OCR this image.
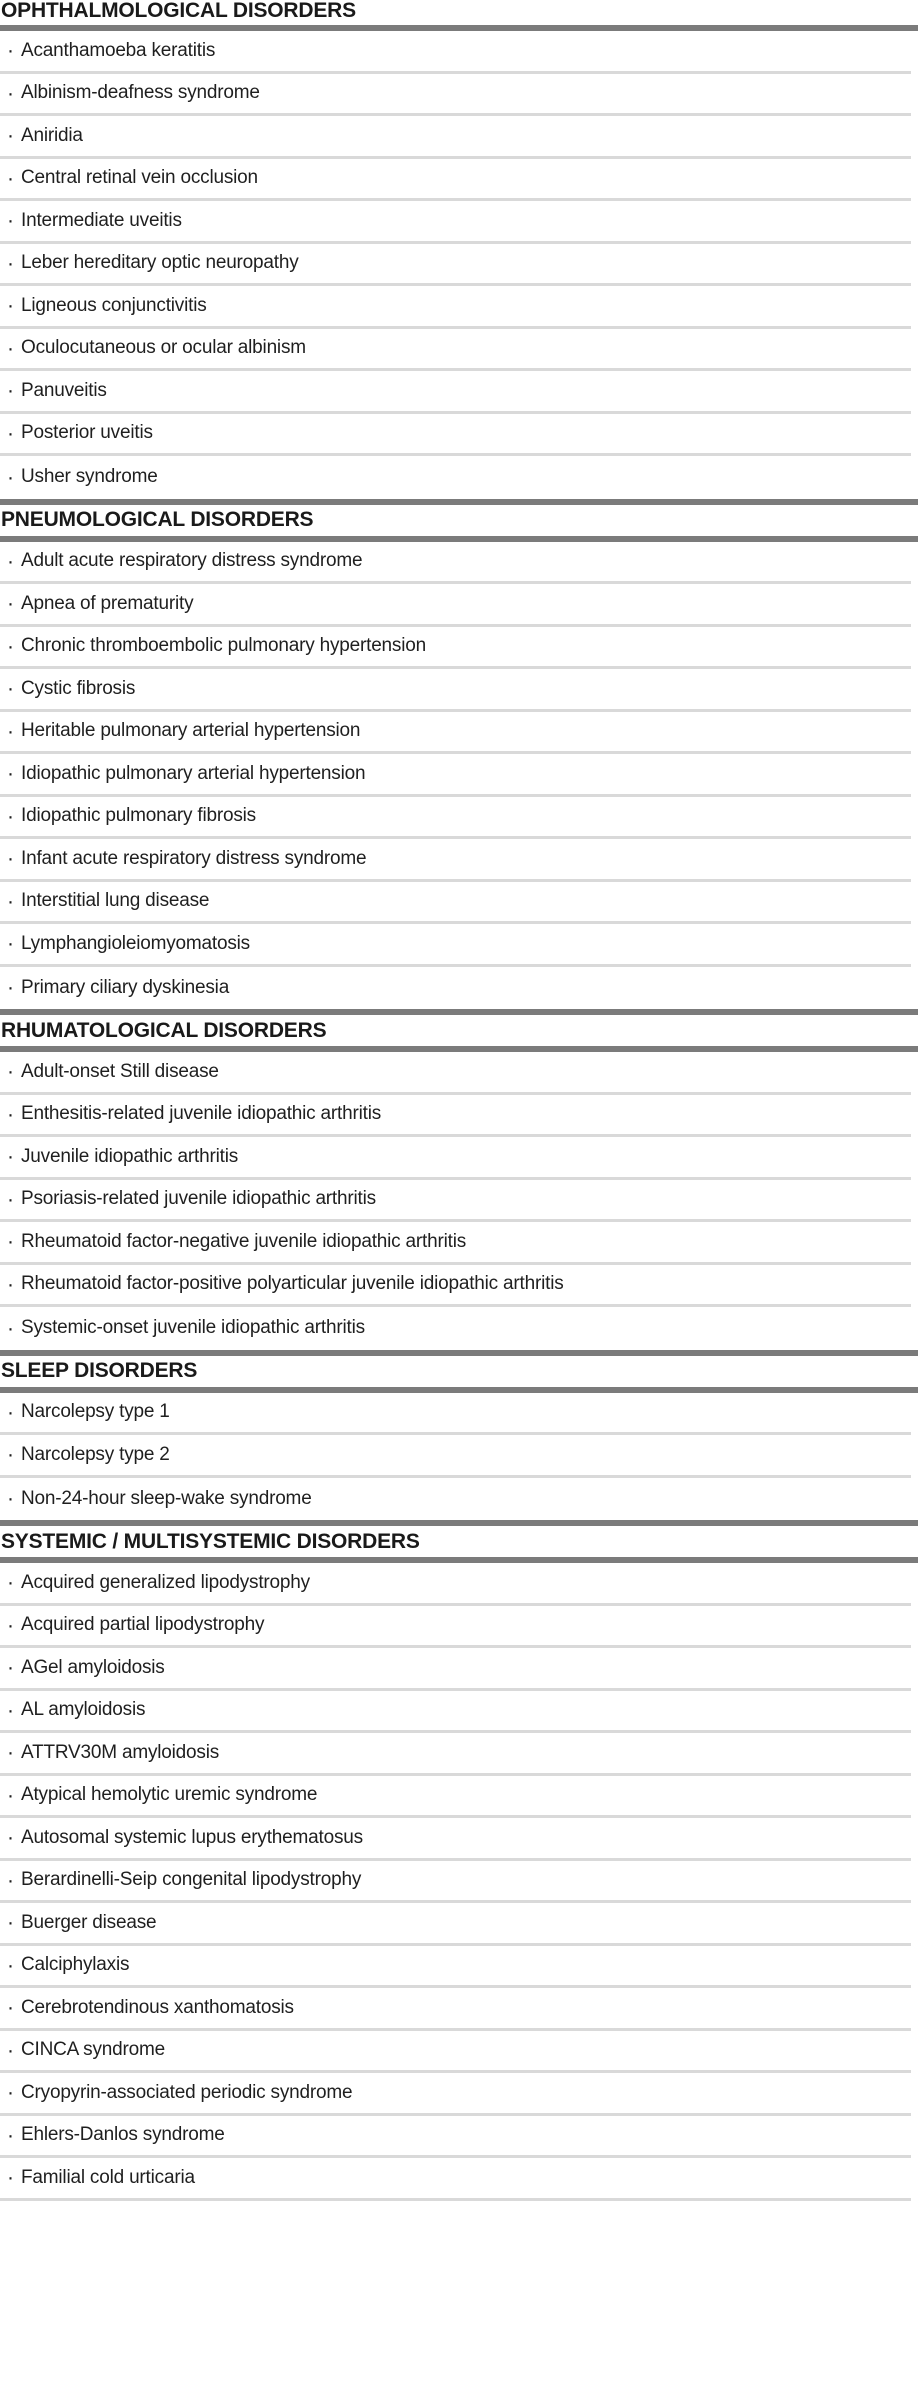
OPHTHALMOLOGICAL DISORDERS
· Acanthamoeba keratitis
· Albinism-deafness syndrome
· Aniridia
· Central retinal vein occlusion
· Intermediate uveitis
· Leber hereditary optic neuropathy
· Ligneous conjunctivitis
· Oculocutaneous or ocular albinism
· Panuveitis
· Posterior uveitis
· Usher syndrome
PNEUMOLOGICAL DISORDERS
· Adult acute respiratory distress syndrome
· Apnea of prematurity
· Chronic thromboembolic pulmonary hypertension
· Cystic fibrosis
· Heritable pulmonary arterial hypertension
· Idiopathic pulmonary arterial hypertension
· Idiopathic pulmonary fibrosis
· Infant acute respiratory distress syndrome
· Interstitial lung disease
· Lymphangioleiomyomatosis
· Primary ciliary dyskinesia
RHUMATOLOGICAL DISORDERS
· Adult-onset Still disease
· Enthesitis-related juvenile idiopathic arthritis
· Juvenile idiopathic arthritis
· Psoriasis-related juvenile idiopathic arthritis
· Rheumatoid factor-negative juvenile idiopathic arthritis
· Rheumatoid factor-positive polyarticular juvenile idiopathic arthritis
· Systemic-onset juvenile idiopathic arthritis
SLEEP DISORDERS
· Narcolepsy type 1
· Narcolepsy type 2
· Non-24-hour sleep-wake syndrome
SYSTEMIC / MULTISYSTEMIC DISORDERS
· Acquired generalized lipodystrophy
· Acquired partial lipodystrophy
· AGel amyloidosis
· AL amyloidosis
· ATTRV30M amyloidosis
· Atypical hemolytic uremic syndrome
· Autosomal systemic lupus erythematosus
· Berardinelli-Seip congenital lipodystrophy
· Buerger disease
· Calciphylaxis
· Cerebrotendinous xanthomatosis
· CINCA syndrome
· Cryopyrin-associated periodic syndrome
· Ehlers-Danlos syndrome
· Familial cold urticaria
